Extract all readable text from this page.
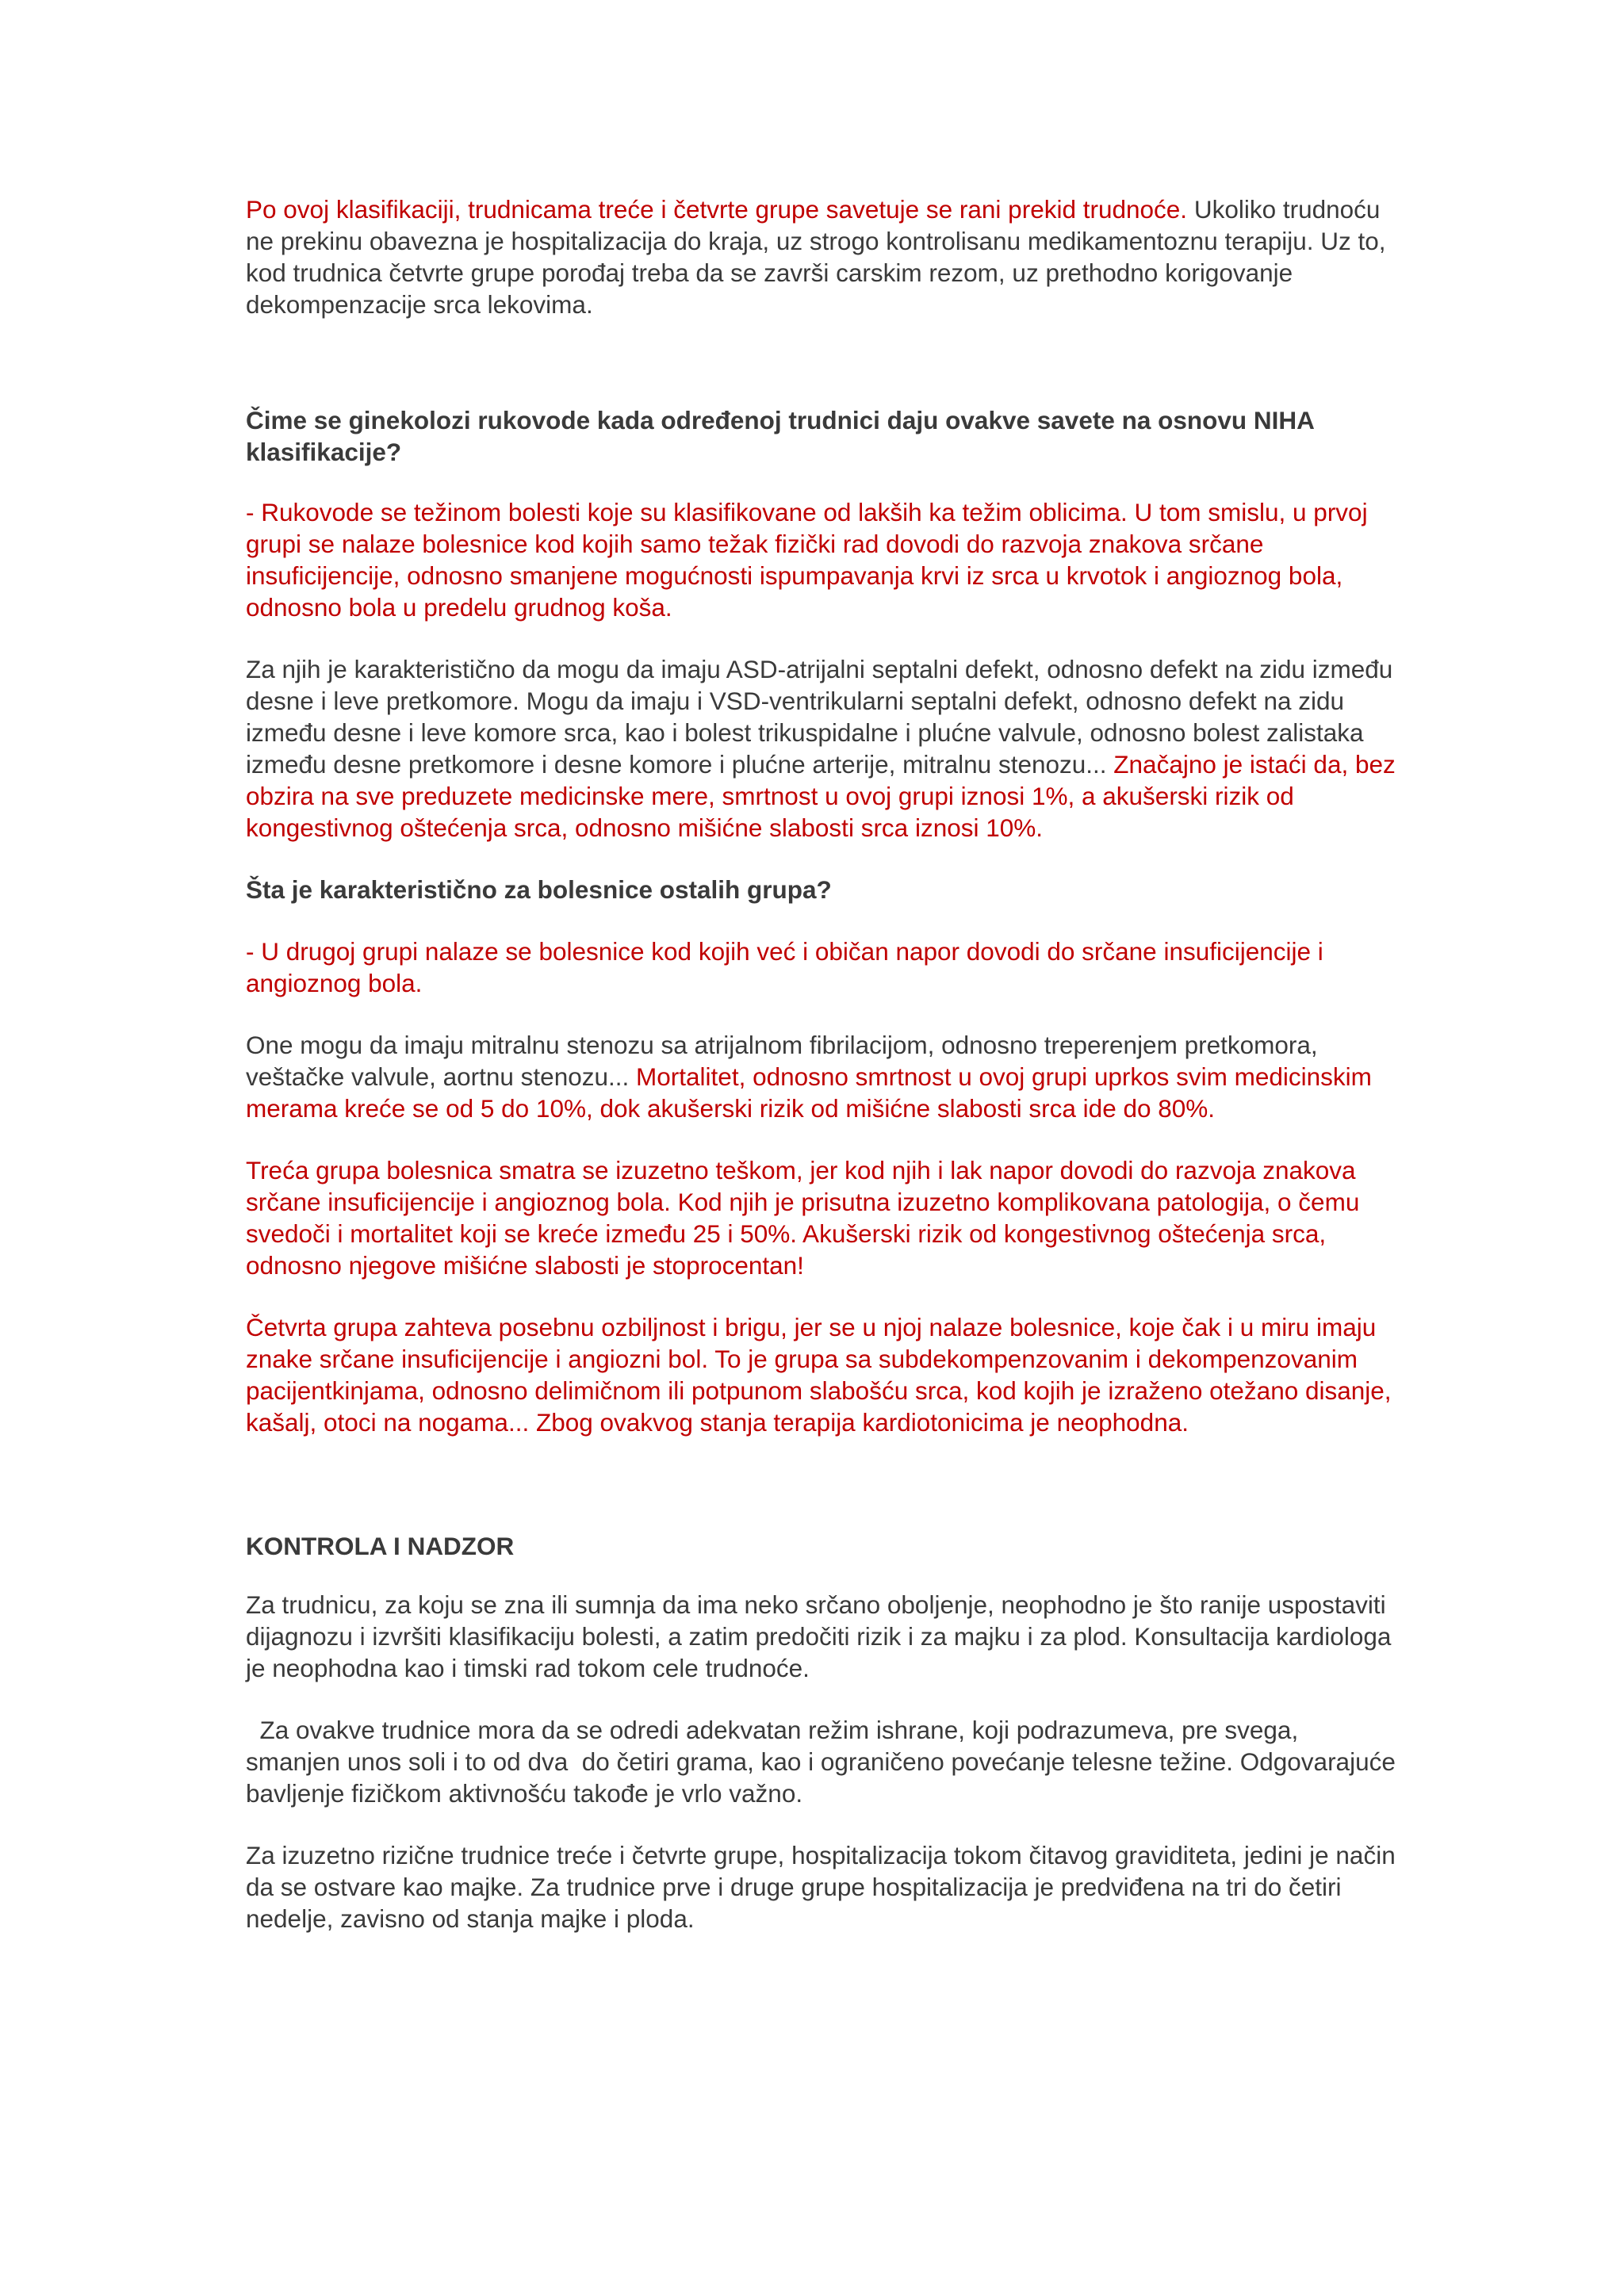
Po ovoj klasifikaciji, trudnicama treće i četvrte grupe savetuje se rani prekid trudnoće. Ukoliko trudnoću ne prekinu obavezna je hospitalizacija do kraja, uz strogo kontrolisanu medikamentoznu terapiju. Uz to, kod trudnica četvrte grupe porođaj treba da se završi carskim rezom, uz prethodno korigovanje dekompenzacije srca lekovima.

Čime se ginekolozi rukovode kada određenoj trudnici daju ovakve savete na osnovu NIHA klasifikacije?

- Rukovode se težinom bolesti koje su klasifikovane od lakših ka težim oblicima. U tom smislu, u prvoj grupi se nalaze bolesnice kod kojih samo težak fizički rad dovodi do razvoja znakova srčane insuficijencije, odnosno smanjene mogućnosti ispumpavanja krvi iz srca u krvotok i angioznog bola, odnosno bola u predelu grudnog koša.

Za njih je karakteristično da mogu da imaju ASD-atrijalni septalni defekt, odnosno defekt na zidu između desne i leve pretkomore. Mogu da imaju i VSD-ventrikularni septalni defekt, odnosno defekt na zidu između desne i leve komore srca, kao i bolest trikuspidalne i plućne valvule, odnosno bolest zalistaka između desne pretkomore i desne komore i plućne arterije, mitralnu stenozu... Značajno je istaći da, bez obzira na sve preduzete medicinske mere, smrtnost u ovoj grupi iznosi 1%, a akušerski rizik od kongestivnog oštećenja srca, odnosno mišićne slabosti srca iznosi 10%.

Šta je karakteristično za bolesnice ostalih grupa?

- U drugoj grupi nalaze se bolesnice kod kojih već i običan napor dovodi do srčane insuficijencije i angioznog bola.

One mogu da imaju mitralnu stenozu sa atrijalnom fibrilacijom, odnosno treperenjem pretkomora, veštačke valvule, aortnu stenozu... Mortalitet, odnosno smrtnost u ovoj grupi uprkos svim medicinskim merama kreće se od 5 do 10%, dok akušerski rizik od mišićne slabosti srca ide do 80%.

Treća grupa bolesnica smatra se izuzetno teškom, jer kod njih i lak napor dovodi do razvoja znakova srčane insuficijencije i angioznog bola. Kod njih je prisutna izuzetno komplikovana patologija, o čemu svedoči i mortalitet koji se kreće između 25 i 50%. Akušerski rizik od kongestivnog oštećenja srca, odnosno njegove mišićne slabosti je stoprocentan!

Četvrta grupa zahteva posebnu ozbiljnost i brigu, jer se u njoj nalaze bolesnice, koje čak i u miru imaju znake srčane insuficijencije i angiozni bol. To je grupa sa subdekompenzovanim i dekompenzovanim pacijentkinjama, odnosno delimičnom ili potpunom slabošću srca, kod kojih je izraženo otežano disanje, kašalj, otoci na nogama... Zbog ovakvog stanja terapija kardiotonicima je neophodna.

KONTROLA I NADZOR

Za trudnicu, za koju se zna ili sumnja da ima neko srčano oboljenje, neophodno je što ranije uspostaviti dijagnozu i izvršiti klasifikaciju bolesti, a zatim predočiti rizik i za majku i za plod. Konsultacija kardiologa je neophodna kao i timski rad tokom cele trudnoće.

Za ovakve trudnice mora da se odredi adekvatan režim ishrane, koji podrazumeva, pre svega, smanjen unos soli i to od dva  do četiri grama, kao i ograničeno povećanje telesne težine. Odgovarajuće bavljenje fizičkom aktivnošću takođe je vrlo važno.

Za izuzetno rizične trudnice treće i četvrte grupe, hospitalizacija tokom čitavog graviditeta, jedini je način da se ostvare kao majke. Za trudnice prve i druge grupe hospitalizacija je predviđena na tri do četiri nedelje, zavisno od stanja majke i ploda.
